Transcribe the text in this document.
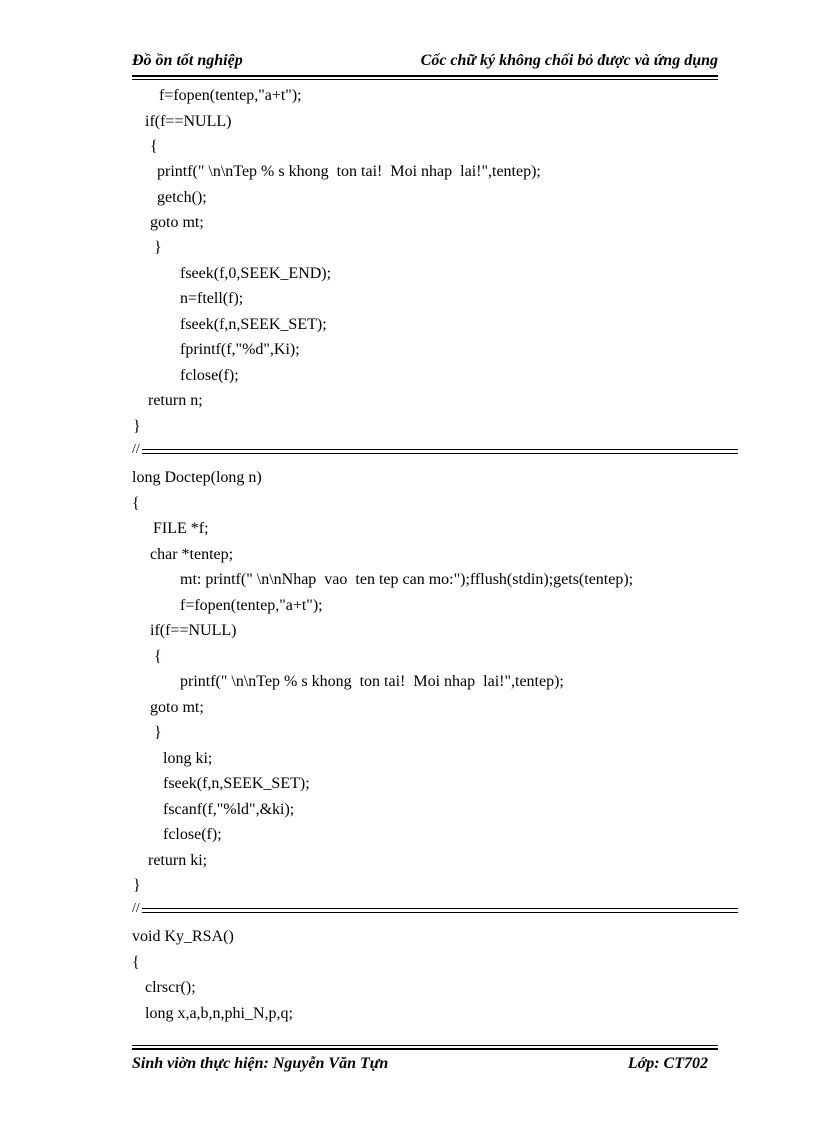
Đồ ồn tốt nghiệp	Cốc chữ ký không chối bỏ được và ứng dụng
f=fopen(tentep,"a+t");
if(f==NULL)
{
printf(" \n\nTep % s khong  ton tai!  Moi nhap  lai!",tentep);
getch();
goto mt;
}
fseek(f,0,SEEK_END);
n=ftell(f);
fseek(f,n,SEEK_SET);
fprintf(f,"%d",Ki);
fclose(f);
return n;
}
//
long Doctep(long n)
{
FILE *f;
char *tentep;
mt: printf(" \n\nNhap  vao  ten tep can mo:");fflush(stdin);gets(tentep);
f=fopen(tentep,"a+t");
if(f==NULL)
{
printf(" \n\nTep % s khong  ton tai!  Moi nhap  lai!",tentep);
goto mt;
}
long ki;
fseek(f,n,SEEK_SET);
fscanf(f,"%ld",&ki);
fclose(f);
return ki;
}
//
void Ky_RSA()
{
clrscr();
long x,a,b,n,phi_N,p,q;
Sinh viờn thực hiện: Nguyễn Văn Tựn	Lớp: CT702
